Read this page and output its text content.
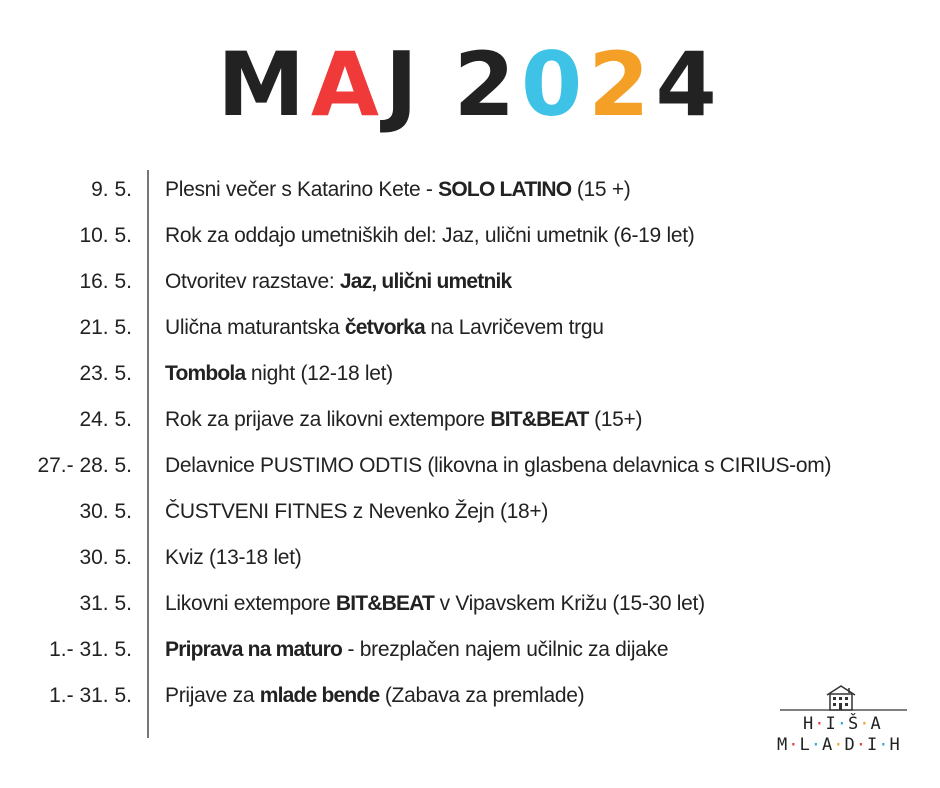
MAJ 2024
9. 5. Plesni večer s Katarino Kete - SOLO LATINO (15 +)
10. 5. Rok za oddajo umetniških del: Jaz, ulični umetnik (6-19 let)
16. 5. Otvoritev razstave: Jaz, ulični umetnik
21. 5. Ulična maturantska četvorka na Lavričevem trgu
23. 5. Tombola night (12-18 let)
24. 5. Rok za prijave za likovni extempore BIT&BEAT (15+)
27.- 28. 5. Delavnice PUSTIMO ODTIS (likovna in glasbena delavnica s CIRIUS-om)
30. 5. ČUSTVENI FITNES z Nevenko Žejn (18+)
30. 5. Kviz (13-18 let)
31. 5. Likovni extempore BIT&BEAT v Vipavskem Križu (15-30 let)
1.- 31. 5. Priprava na maturo - brezplačen najem učilnic za dijake
1.- 31. 5. Prijave za mlade bende (Zabava za premlade)
H·I·Š·A
M·L·A·D·I·H
